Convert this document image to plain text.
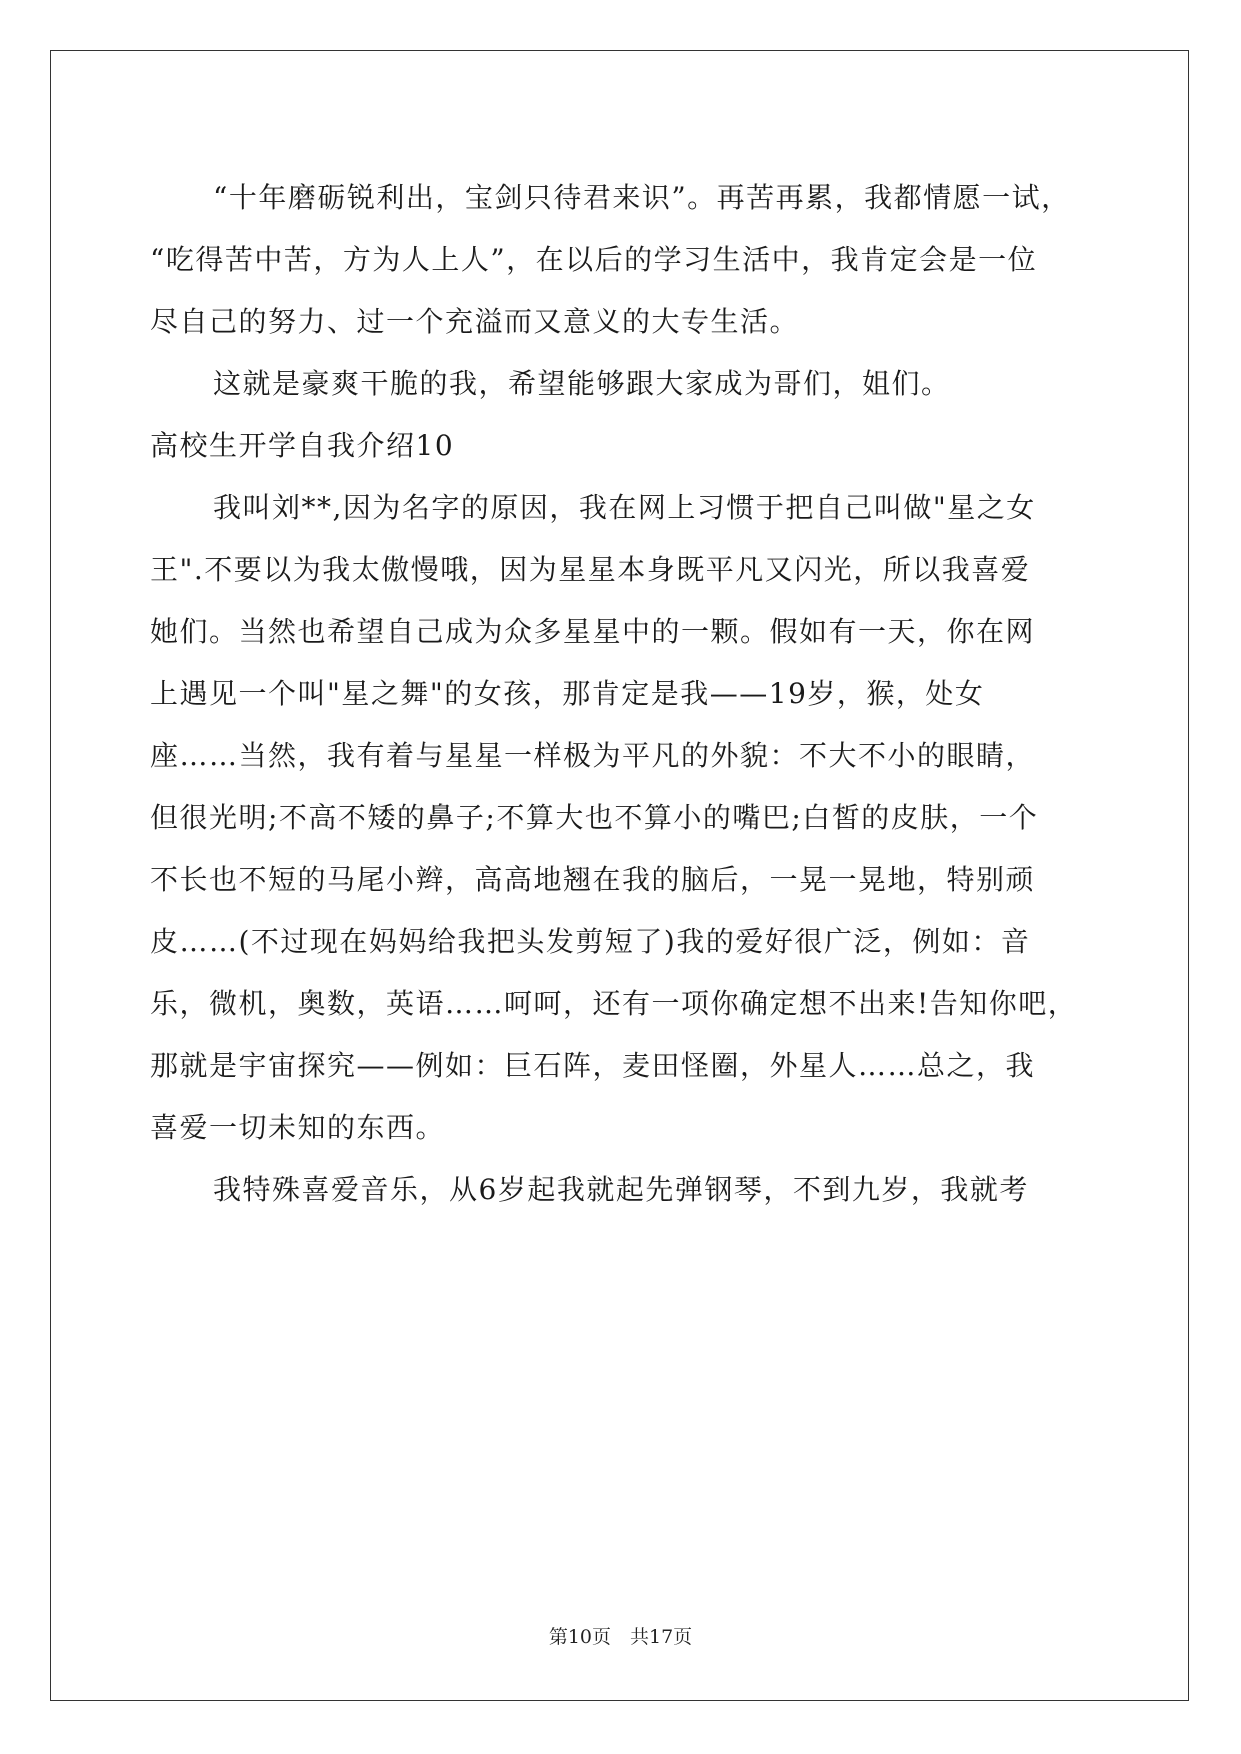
“十年磨砺锐利出，宝剑只待君来识”。再苦再累，我都情愿一试，
“吃得苦中苦，方为人上人”，在以后的学习生活中，我肯定会是一位
尽自己的努力、过一个充溢而又意义的大专生活。
这就是豪爽干脆的我，希望能够跟大家成为哥们，姐们。
高校生开学自我介绍10
我叫刘**,因为名字的原因，我在网上习惯于把自己叫做"星之女
王".不要以为我太傲慢哦，因为星星本身既平凡又闪光，所以我喜爱
她们。当然也希望自己成为众多星星中的一颗。假如有一天，你在网
上遇见一个叫"星之舞"的女孩，那肯定是我——19岁，猴，处女
座……当然，我有着与星星一样极为平凡的外貌：不大不小的眼睛，
但很光明;不高不矮的鼻子;不算大也不算小的嘴巴;白皙的皮肤，一个
不长也不短的马尾小辫，高高地翘在我的脑后，一晃一晃地，特别顽
皮……(不过现在妈妈给我把头发剪短了)我的爱好很广泛，例如：音
乐，微机，奥数，英语……呵呵，还有一项你确定想不出来!告知你吧，
那就是宇宙探究——例如：巨石阵，麦田怪圈，外星人……总之，我
喜爱一切未知的东西。
我特殊喜爱音乐，从6岁起我就起先弹钢琴，不到九岁，我就考
第10页　共17页
